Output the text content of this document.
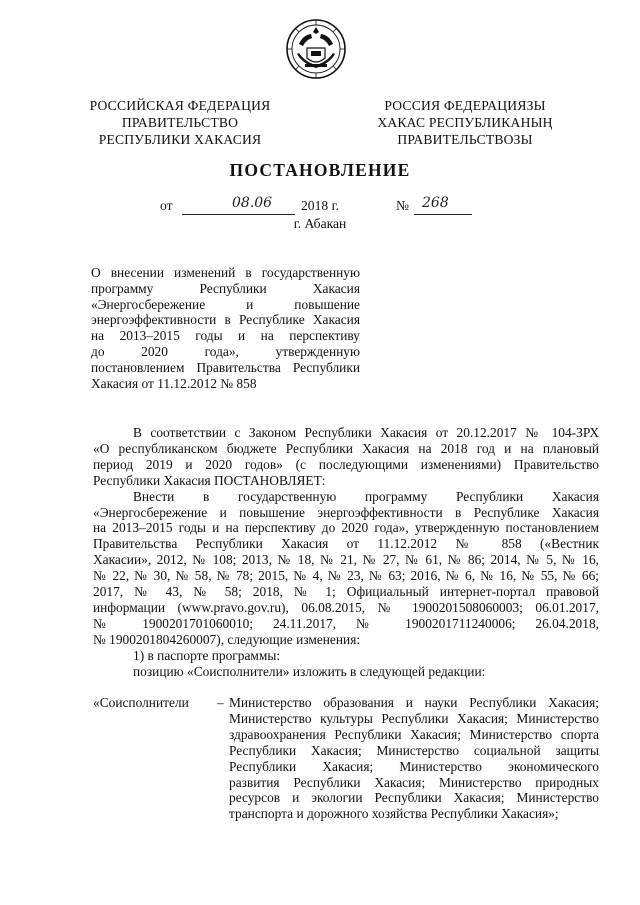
РОССИЙСКАЯ ФЕДЕРАЦИЯ
ПРАВИТЕЛЬСТВО
РЕСПУБЛИКИ ХАКАСИЯ
РОССИЯ ФЕДЕРАЦИЯЗЫ
ХАКАС РЕСПУБЛИКАНЫҢ
ПРАВИТЕЛЬСТВОЗЫ
ПОСТАНОВЛЕНИЕ
от	08.06 2018 г.	№ 268
г. Абакан
О внесении изменений в государственную
программу Республики Хакасия
«Энергосбережение и повышение
энергоэффективности в Республике Хакасия
на 2013–2015 годы и на перспективу
до 2020 года», утвержденную
постановлением Правительства Республики
Хакасия от 11.12.2012 № 858
В соответствии с Законом Республики Хакасия от 20.12.2017 № 104-ЗРХ
«О республиканском бюджете Республики Хакасия на 2018 год и на плановый
период 2019 и 2020 годов» (с последующими изменениями) Правительство
Республики Хакасия ПОСТАНОВЛЯЕТ:
Внести в государственную программу Республики Хакасия
«Энергосбережение и повышение энергоэффективности в Республике Хакасия
на 2013–2015 годы и на перспективу до 2020 года», утвержденную постановлением
Правительства Республики Хакасия от 11.12.2012 № 858 («Вестник
Хакасии», 2012, № 108; 2013, № 18, № 21, № 27, № 61, № 86; 2014, № 5, № 16,
№ 22, № 30, № 58, № 78; 2015, № 4, № 23, № 63; 2016, № 6, № 16, № 55, № 66;
2017, № 43, № 58; 2018, № 1; Официальный интернет-портал правовой
информации (www.pravo.gov.ru), 06.08.2015, № 1900201508060003; 06.01.2017,
№ 1900201701060010; 24.11.2017, № 1900201711240006; 26.04.2018,
№ 1900201804260007), следующие изменения:
1) в паспорте программы:
позицию «Соисполнители» изложить в следующей редакции:
«Соисполнители – Министерство образования и науки Республики Хакасия;
Министерство культуры Республики Хакасия; Министерство
здравоохранения Республики Хакасия; Министерство спорта
Республики Хакасия; Министерство социальной защиты
Республики Хакасия; Министерство экономического
развития Республики Хакасия; Министерство природных
ресурсов и экологии Республики Хакасия; Министерство
транспорта и дорожного хозяйства Республики Хакасия»;
